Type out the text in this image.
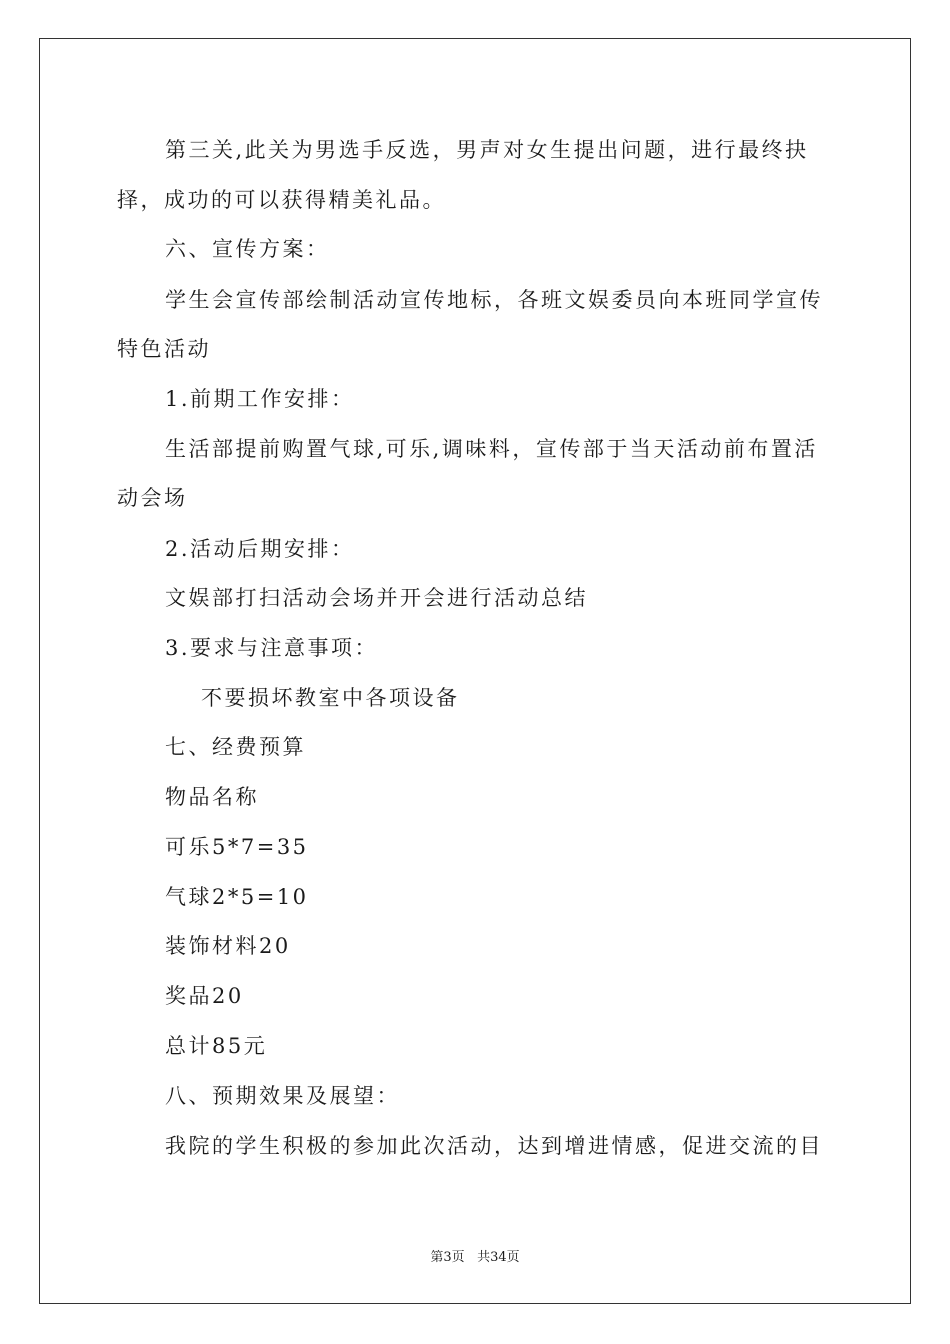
第三关,此关为男选手反选，男声对女生提出问题，进行最终抉

择，成功的可以获得精美礼品。

六、宣传方案：

学生会宣传部绘制活动宣传地标，各班文娱委员向本班同学宣传

特色活动

1.前期工作安排：

生活部提前购置气球,可乐,调味料，宣传部于当天活动前布置活

动会场

2.活动后期安排：

文娱部打扫活动会场并开会进行活动总结

3.要求与注意事项：

不要损坏教室中各项设备

七、经费预算

物品名称

可乐5*7=35

气球2*5=10

装饰材料20

奖品20

总计85元

八、预期效果及展望：

我院的学生积极的参加此次活动，达到增进情感，促进交流的目

第3页 共34页
